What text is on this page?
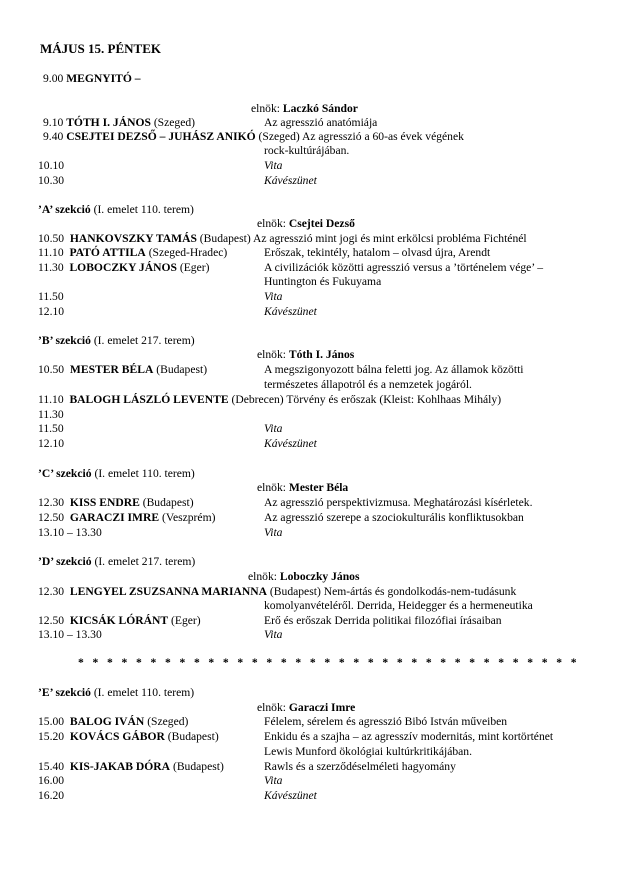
MÁJUS 15. PÉNTEK
9.00 MEGNYITÓ –
elnök: Laczkó Sándor
9.10 TÓTH I. JÁNOS (Szeged)	Az agresszió anatómiája
9.40 CSEJTEI DEZSŐ – JUHÁSZ ANIKÓ (Szeged) Az agresszió a 60-as évek végének
rock-kultúrájában.
10.10	Vita
10.30	Kávészünet
’A’ szekció (I. emelet 110. terem)
elnök: Csejtei Dezső
10.50 HANKOVSZKY TAMÁS (Budapest) Az agresszió mint jogi és mint erkölcsi probléma Fichténél
11.10 PATÓ ATTILA (Szeged-Hradec)	Erőszak, tekintély, hatalom – olvasd újra, Arendt
11.30 LOBOCZKY JÁNOS (Eger)	A civilizációk közötti agresszió versus a ’történelem vége’ –
Huntington és Fukuyama
11.50	Vita
12.10	Kávészünet
’B’ szekció (I. emelet 217. terem)
elnök: Tóth I. János
10.50 MESTER BÉLA (Budapest)	A megszigonyozott bálna feletti jog. Az államok közötti
természetes állapotról és a nemzetek jogáról.
11.10 BALOGH LÁSZLÓ LEVENTE (Debrecen) Törvény és erőszak (Kleist: Kohlhaas Mihály)
11.30
11.50	Vita
12.10	Kávészünet
’C’ szekció (I. emelet 110. terem)
elnök: Mester Béla
12.30 KISS ENDRE (Budapest)	Az agresszió perspektivizmusa. Meghatározási kísérletek.
12.50 GARACZI IMRE (Veszprém)	Az agresszió szerepe a szociokulturális konfliktusokban
13.10 – 13.30	Vita
’D’ szekció (I. emelet 217. terem)
elnök: Loboczky János
12.30 LENGYEL ZSUZSANNA MARIANNA (Budapest) Nem-ártás és gondolkodás-nem-tudásunk
komolyanvételéről. Derrida, Heidegger és a hermeneutika
12.50 KICSÁK LÓRÁNT (Eger)	Erő és erőszak Derrida politikai filozófiai írásaiban
13.10 – 13.30	Vita
*   *   *   *   *   *   *   *   *   *   *   *   *   *   *   *   *   *   *   *   *   *   *   *   *   *   *   *   *   *   *   *   *   *   *
’E’ szekció (I. emelet 110. terem)
elnök: Garaczi Imre
15.00 BALOG IVÁN (Szeged)	Félelem, sérelem és agresszió Bibó István műveiben
15.20 KOVÁCS GÁBOR (Budapest)	Enkidu és a szajha – az agresszív modernitás, mint kortörténet
Lewis Munford ökológiai kultúrkritikájában.
15.40 KIS-JAKAB DÓRA (Budapest)	Rawls és a szerződéselméleti hagyomány
16.00	Vita
16.20	Kávészünet
